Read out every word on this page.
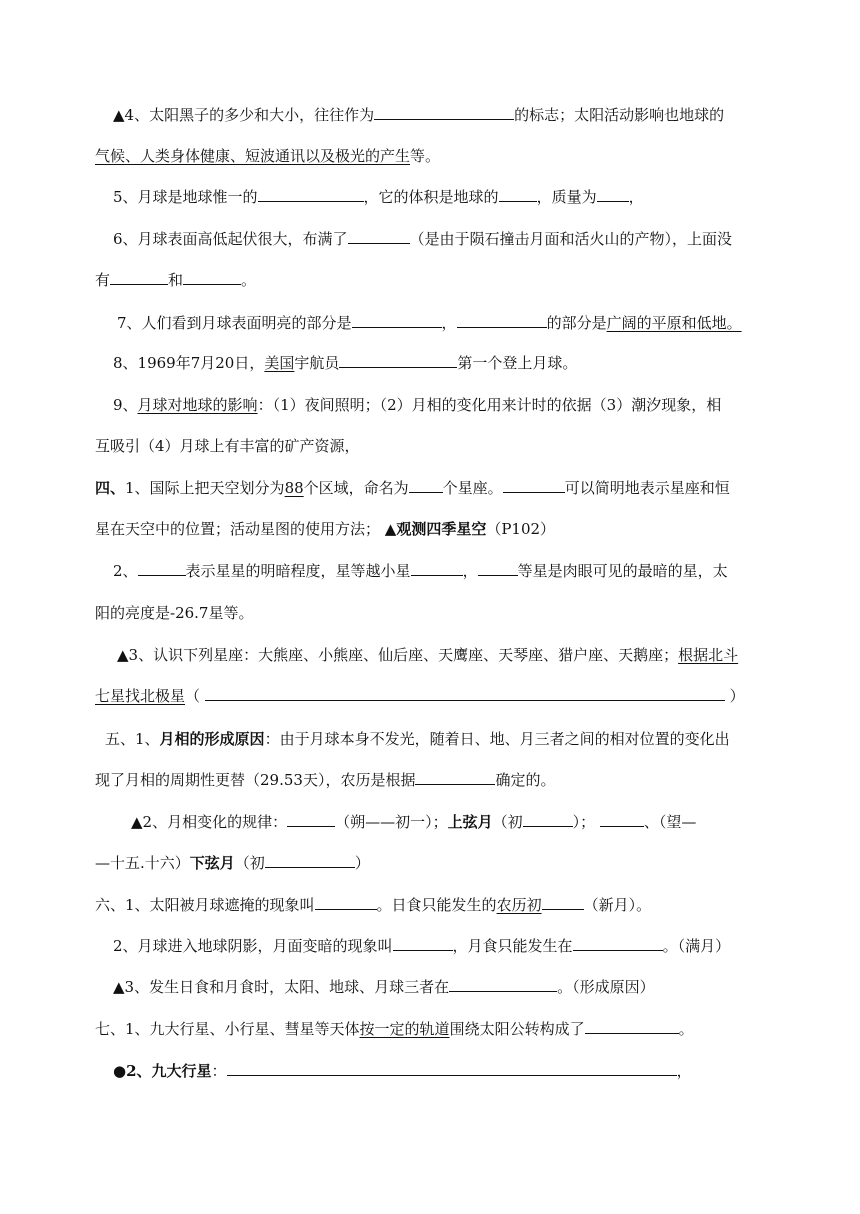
▲4、太阳黑子的多少和大小，往往作为	的标志；太阳活动影响也地球的
气候、人类身体健康、短波通讯以及极光的产生等。
5、月球是地球惟一的	，它的体积是地球的	，质量为 ，
6、月球表面高低起伏很大，布满了	（是由于陨石撞击月面和活火山的产物），上面没
有	和	。
7、人们看到月球表面明亮的部分是	，	的部分是广阔的平原和低地。
8、1969年7月20日，美国宇航员	第一个登上月球。
9、月球对地球的影响：（1）夜间照明；（2）月相的变化用来计时的依据（3）潮汐现象，相
互吸引（4）月球上有丰富的矿产资源，
四、1、国际上把天空划分为88个区域，命名为 个星座。	可以简明地表示星座和恒
星在天空中的位置；活动星图的使用方法； ▲观测四季星空（P102）
2、	表示星星的明暗程度，星等越小星	，	等星是肉眼可见的最暗的星，太
阳的亮度是-26.7星等。
▲3、认识下列星座：大熊座、小熊座、仙后座、天鹰座、天琴座、猎户座、天鹅座；根据北斗
七星找北极星（	）
五、1、月相的形成原因：由于月球本身不发光，随着日、地、月三者之间的相对位置的变化出
现了月相的周期性更替（29.53天），农历是根据	确定的。
▲2、月相变化的规律：	（朔——初一）；上弦月（初	）；	、（望—
—十五.十六）下弦月（初	）
六、1、太阳被月球遮掩的现象叫	。日食只能发生的农历初	（新月）。
2、月球进入地球阴影，月面变暗的现象叫	，月食只能发生在	。（满月）
▲3、发生日食和月食时，太阳、地球、月球三者在	。（形成原因）
七、1、九大行星、小行星、彗星等天体按一定的轨道围绕太阳公转构成了	。
●2、九大行星：	，
